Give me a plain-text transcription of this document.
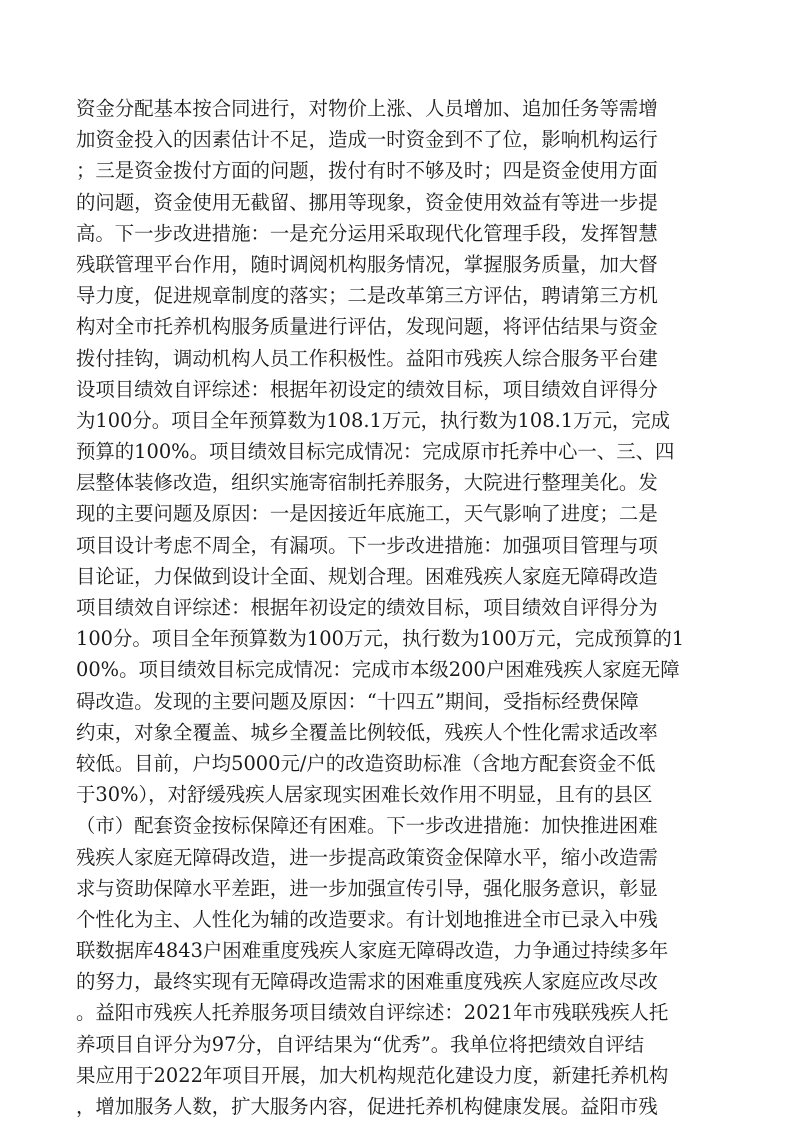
资金分配基本按合同进行，对物价上涨、人员增加、追加任务等需增
加资金投入的因素估计不足，造成一时资金到不了位，影响机构运行
；三是资金拨付方面的问题，拨付有时不够及时；四是资金使用方面
的问题，资金使用无截留、挪用等现象，资金使用效益有等进一步提
高。下一步改进措施：一是充分运用采取现代化管理手段，发挥智慧
残联管理平台作用，随时调阅机构服务情况，掌握服务质量，加大督
导力度，促进规章制度的落实；二是改革第三方评估，聘请第三方机
构对全市托养机构服务质量进行评估，发现问题，将评估结果与资金
拨付挂钩，调动机构人员工作积极性。益阳市残疾人综合服务平台建
设项目绩效自评综述：根据年初设定的绩效目标，项目绩效自评得分
为100分。项目全年预算数为108.1万元，执行数为108.1万元，完成
预算的100%。项目绩效目标完成情况：完成原市托养中心一、三、四
层整体装修改造，组织实施寄宿制托养服务，大院进行整理美化。发
现的主要问题及原因：一是因接近年底施工，天气影响了进度；二是
项目设计考虑不周全，有漏项。下一步改进措施：加强项目管理与项
目论证，力保做到设计全面、规划合理。困难残疾人家庭无障碍改造
项目绩效自评综述：根据年初设定的绩效目标，项目绩效自评得分为
100分。项目全年预算数为100万元，执行数为100万元，完成预算的1
00%。项目绩效目标完成情况：完成市本级200户困难残疾人家庭无障
碍改造。发现的主要问题及原因：“十四五”期间，受指标经费保障
约束，对象全覆盖、城乡全覆盖比例较低，残疾人个性化需求适改率
较低。目前，户均5000元/户的改造资助标准（含地方配套资金不低
于30%），对舒缓残疾人居家现实困难长效作用不明显，且有的县区
（市）配套资金按标保障还有困难。下一步改进措施：加快推进困难
残疾人家庭无障碍改造，进一步提高政策资金保障水平，缩小改造需
求与资助保障水平差距，进一步加强宣传引导，强化服务意识，彰显
个性化为主、人性化为辅的改造要求。有计划地推进全市已录入中残
联数据库4843户困难重度残疾人家庭无障碍改造，力争通过持续多年
的努力，最终实现有无障碍改造需求的困难重度残疾人家庭应改尽改
。益阳市残疾人托养服务项目绩效自评综述：2021年市残联残疾人托
养项目自评分为97分，自评结果为“优秀”。我单位将把绩效自评结
果应用于2022年项目开展，加大机构规范化建设力度，新建托养机构
，增加服务人数，扩大服务内容，促进托养机构健康发展。益阳市残
